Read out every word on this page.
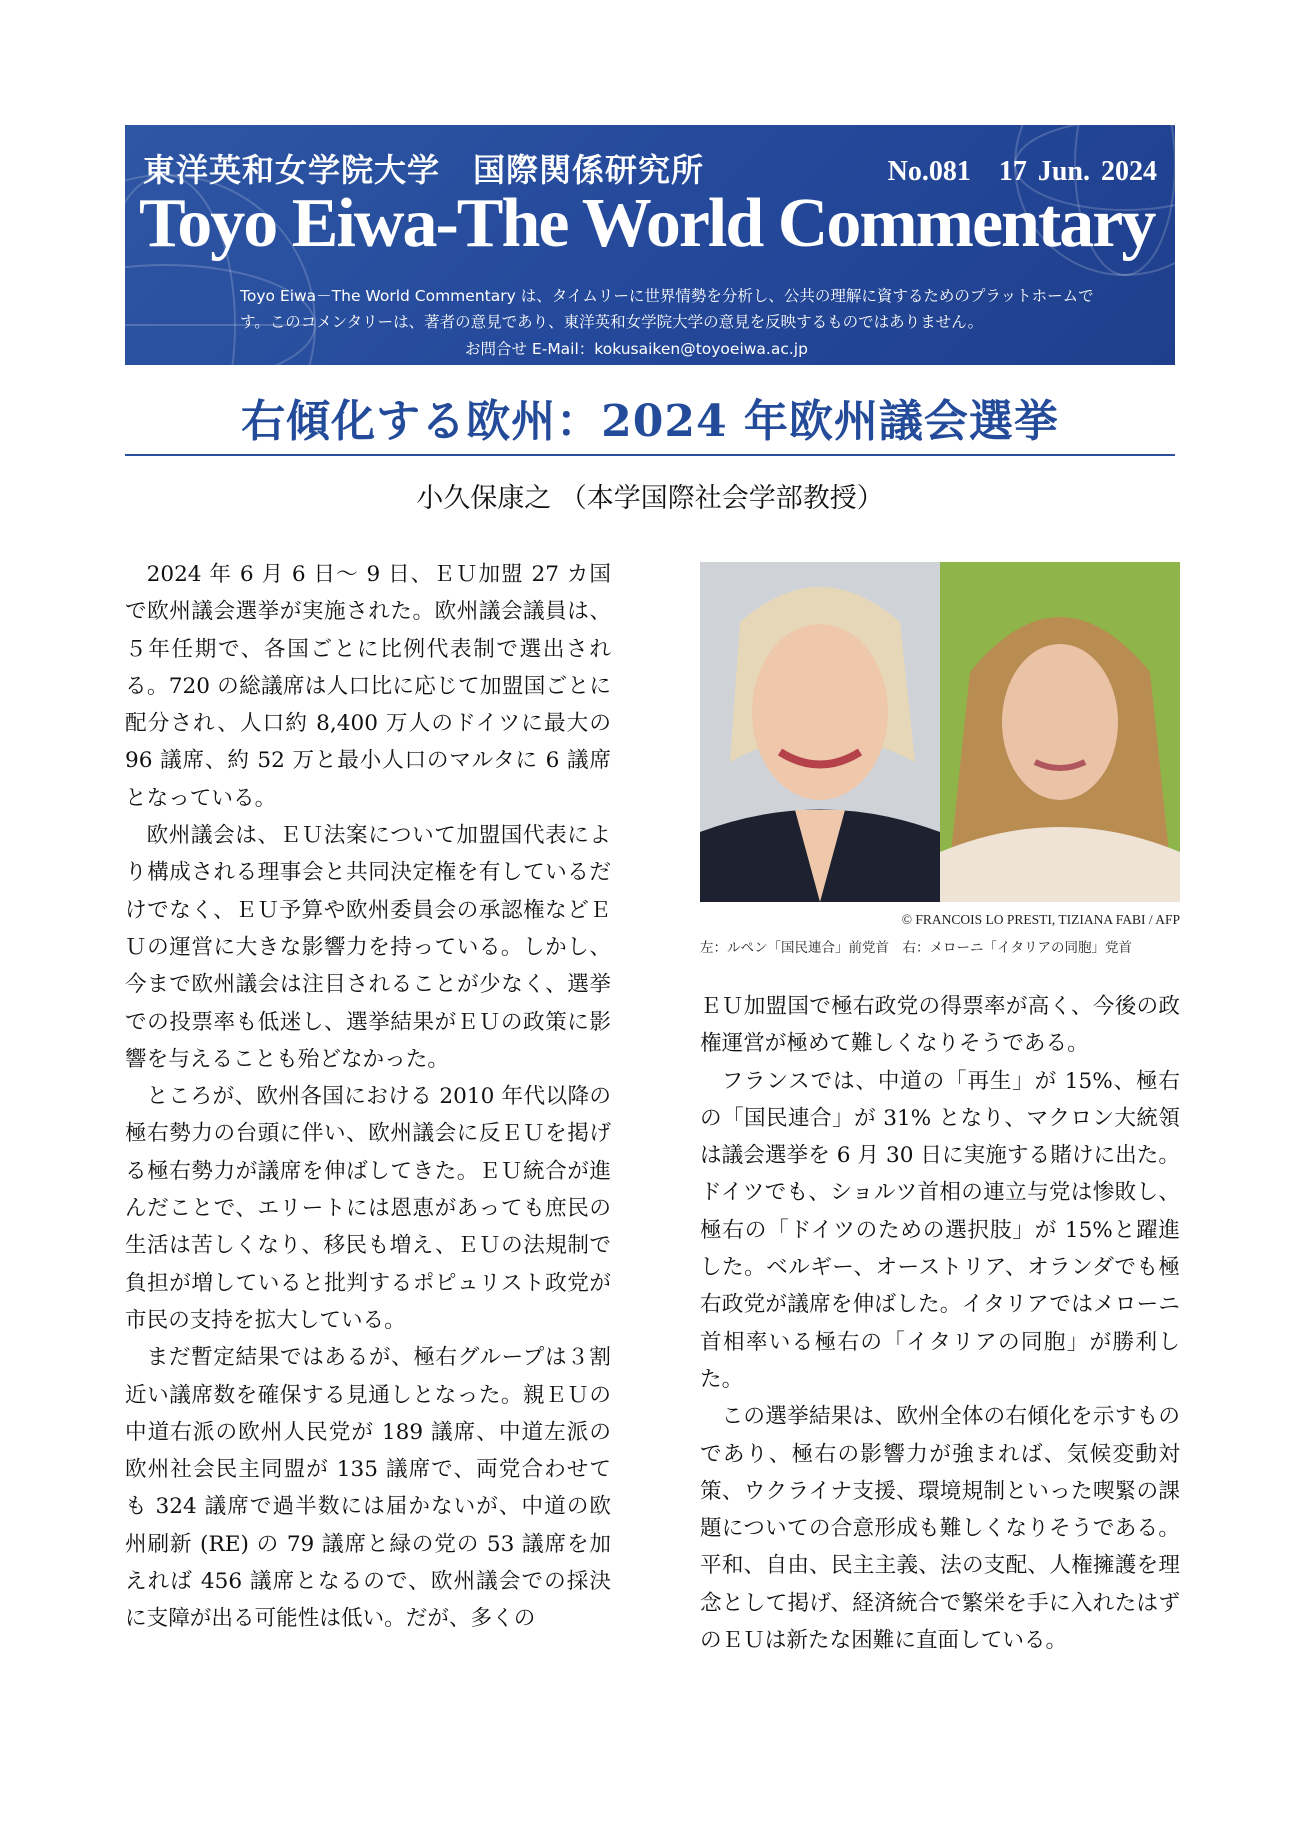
東洋英和女学院大学　国際関係研究所	No.081　17 Jun. 2024
Toyo Eiwa-The World Commentary
Toyo Eiwa－The World Commentary は、タイムリーに世界情勢を分析し、公共の理解に資するためのプラットホームです。このコメンタリーは、著者の意見であり、東洋英和女学院大学の意見を反映するものではありません。
お問合せ E-Mail：kokusaiken@toyoeiwa.ac.jp
右傾化する欧州：2024 年欧州議会選挙
小久保康之 （本学国際社会学部教授）

2024 年 6 月 6 日～ 9 日、ＥＵ加盟 27 カ国で欧州議会選挙が実施された。欧州議会議員は、５年任期で、各国ごとに比例代表制で選出される。720 の総議席は人口比に応じて加盟国ごとに配分され、人口約 8,400 万人のドイツに最大の 96 議席、約 52 万と最小人口のマルタに 6 議席となっている。

欧州議会は、ＥＵ法案について加盟国代表により構成される理事会と共同決定権を有しているだけでなく、ＥＵ予算や欧州委員会の承認権などＥＵの運営に大きな影響力を持っている。しかし、今まで欧州議会は注目されることが少なく、選挙での投票率も低迷し、選挙結果がＥＵの政策に影響を与えることも殆どなかった。

ところが、欧州各国における 2010 年代以降の極右勢力の台頭に伴い、欧州議会に反ＥＵを掲げる極右勢力が議席を伸ばしてきた。ＥＵ統合が進んだことで、エリートには恩恵があっても庶民の生活は苦しくなり、移民も増え、ＥＵの法規制で負担が増していると批判するポピュリスト政党が市民の支持を拡大している。

まだ暫定結果ではあるが、極右グループは３割近い議席数を確保する見通しとなった。親ＥＵの中道右派の欧州人民党が 189 議席、中道左派の欧州社会民主同盟が 135 議席で、両党合わせても 324 議席で過半数には届かないが、中道の欧州刷新 (RE) の 79 議席と緑の党の 53 議席を加えれば 456 議席となるので、欧州議会での採決に支障が出る可能性は低い。だが、多くの

© FRANCOIS LO PRESTI, TIZIANA FABI / AFP
左：ルペン「国民連合」前党首　右：メローニ「イタリアの同胞」党首

ＥＵ加盟国で極右政党の得票率が高く、今後の政権運営が極めて難しくなりそうである。

フランスでは、中道の「再生」が 15%、極右の「国民連合」が 31% となり、マクロン大統領は議会選挙を 6 月 30 日に実施する賭けに出た。ドイツでも、ショルツ首相の連立与党は惨敗し、極右の「ドイツのための選択肢」が 15%と躍進した。ベルギー、オーストリア、オランダでも極右政党が議席を伸ばした。イタリアではメローニ首相率いる極右の「イタリアの同胞」が勝利した。

この選挙結果は、欧州全体の右傾化を示すものであり、極右の影響力が強まれば、気候変動対策、ウクライナ支援、環境規制といった喫緊の課題についての合意形成も難しくなりそうである。平和、自由、民主主義、法の支配、人権擁護を理念として掲げ、経済統合で繁栄を手に入れたはずのＥＵは新たな困難に直面している。
